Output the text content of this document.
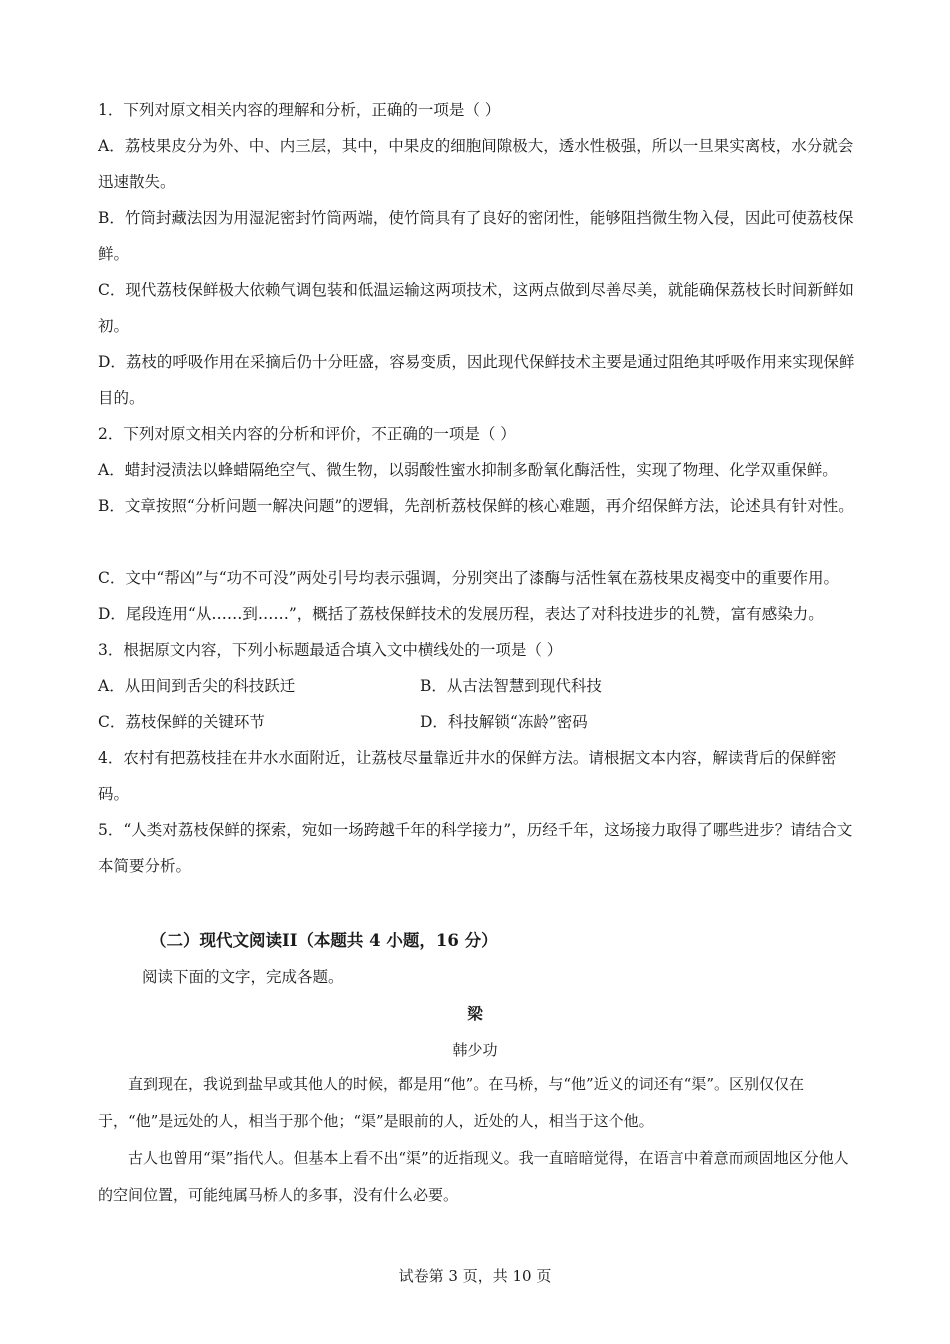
1．下列对原文相关内容的理解和分析，正确的一项是（ ）

A．荔枝果皮分为外、中、内三层，其中，中果皮的细胞间隙极大，透水性极强，所以一旦果实离枝，水分就会迅速散失。

B．竹筒封藏法因为用湿泥密封竹筒两端，使竹筒具有了良好的密闭性，能够阻挡微生物入侵，因此可使荔枝保鲜。

C．现代荔枝保鲜极大依赖气调包装和低温运输这两项技术，这两点做到尽善尽美，就能确保荔枝长时间新鲜如初。

D．荔枝的呼吸作用在采摘后仍十分旺盛，容易变质，因此现代保鲜技术主要是通过阻绝其呼吸作用来实现保鲜目的。

2．下列对原文相关内容的分析和评价，不正确的一项是（ ）

A．蜡封浸渍法以蜂蜡隔绝空气、微生物，以弱酸性蜜水抑制多酚氧化酶活性，实现了物理、化学双重保鲜。

B．文章按照“分析问题一解决问题”的逻辑，先剖析荔枝保鲜的核心难题，再介绍保鲜方法，论述具有针对性。

C．文中“帮凶”与“功不可没”两处引号均表示强调，分别突出了漆酶与活性氧在荔枝果皮褐变中的重要作用。

D．尾段连用“从……到……”，概括了荔枝保鲜技术的发展历程，表达了对科技进步的礼赞，富有感染力。

3．根据原文内容，下列小标题最适合填入文中横线处的一项是（ ）

A．从田间到舌尖的科技跃迁	B．从古法智慧到现代科技
C．荔枝保鲜的关键环节	D．科技解锁“冻龄”密码

4．农村有把荔枝挂在井水水面附近，让荔枝尽量靠近井水的保鲜方法。请根据文本内容，解读背后的保鲜密码。

5．“人类对荔枝保鲜的探索，宛如一场跨越千年的科学接力”，历经千年，这场接力取得了哪些进步？请结合文本简要分析。

（二）现代文阅读II（本题共 4 小题，16 分）
阅读下面的文字，完成各题。
梁
韩少功

直到现在，我说到盐早或其他人的时候，都是用“他”。在马桥，与“他”近义的词还有“渠”。区别仅仅在于，“他”是远处的人，相当于那个他；“渠”是眼前的人，近处的人，相当于这个他。

古人也曾用“渠”指代人。但基本上看不出“渠”的近指现义。我一直暗暗觉得，在语言中着意而顽固地区分他人的空间位置，可能纯属马桥人的多事，没有什么必要。

试卷第 3 页，共 10 页
